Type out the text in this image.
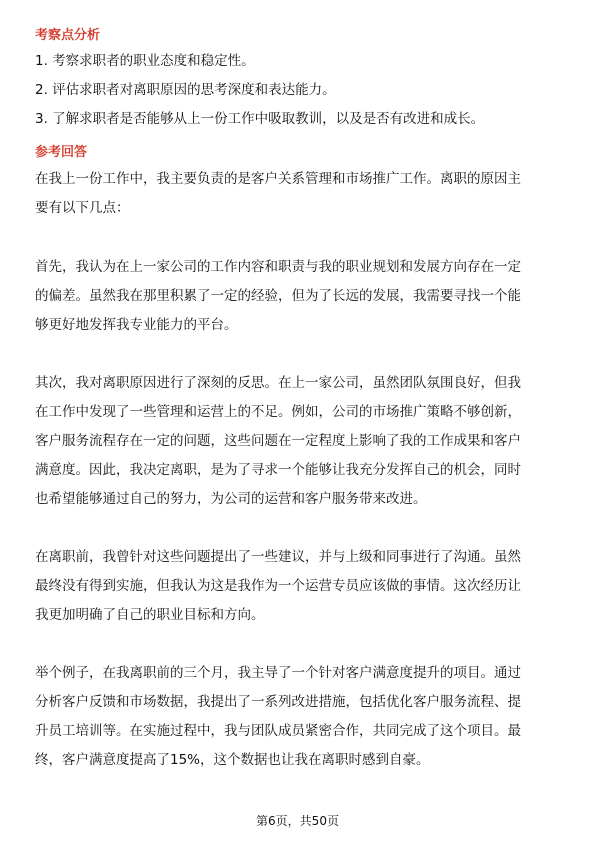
考察点分析
1. 考察求职者的职业态度和稳定性。
2. 评估求职者对离职原因的思考深度和表达能力。
3. 了解求职者是否能够从上一份工作中吸取教训，以及是否有改进和成长。
参考回答
在我上一份工作中，我主要负责的是客户关系管理和市场推广工作。离职的原因主
要有以下几点：
首先，我认为在上一家公司的工作内容和职责与我的职业规划和发展方向存在一定
的偏差。虽然我在那里积累了一定的经验，但为了长远的发展，我需要寻找一个能
够更好地发挥我专业能力的平台。
其次，我对离职原因进行了深刻的反思。在上一家公司，虽然团队氛围良好，但我
在工作中发现了一些管理和运营上的不足。例如，公司的市场推广策略不够创新，
客户服务流程存在一定的问题，这些问题在一定程度上影响了我的工作成果和客户
满意度。因此，我决定离职，是为了寻求一个能够让我充分发挥自己的机会，同时
也希望能够通过自己的努力，为公司的运营和客户服务带来改进。
在离职前，我曾针对这些问题提出了一些建议，并与上级和同事进行了沟通。虽然
最终没有得到实施，但我认为这是我作为一个运营专员应该做的事情。这次经历让
我更加明确了自己的职业目标和方向。
举个例子，在我离职前的三个月，我主导了一个针对客户满意度提升的项目。通过
分析客户反馈和市场数据，我提出了一系列改进措施，包括优化客户服务流程、提
升员工培训等。在实施过程中，我与团队成员紧密合作，共同完成了这个项目。最
终，客户满意度提高了15%，这个数据也让我在离职时感到自豪。
第6页，共50页
